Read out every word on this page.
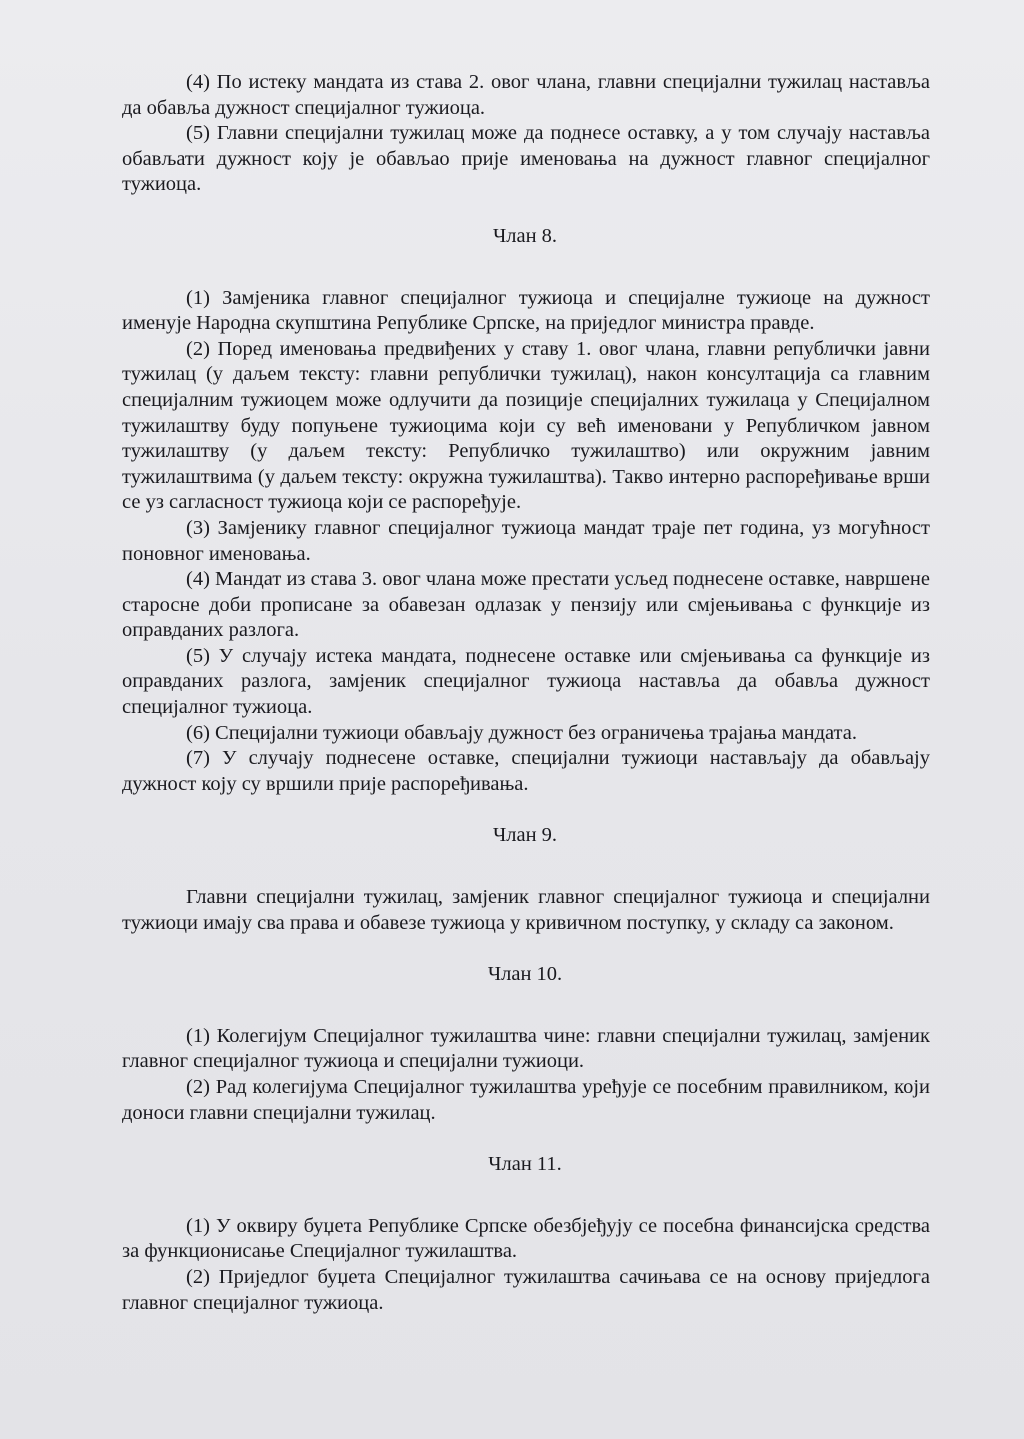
(4) По истеку мандата из става 2. овог члана, главни специјални тужилац наставља да обавља дужност специјалног тужиоца.

(5) Главни специјални тужилац може да поднесе оставку, а у том случају наставља обављати дужност коју је обављао прије именовања на дужност главног специјалног тужиоца.

Члан 8.

(1) Замјеника главног специјалног тужиоца и специјалне тужиоце на дужност именује Народна скупштина Републике Српске, на приједлог министра правде.

(2) Поред именовања предвиђених у ставу 1. овог члана, главни републички јавни тужилац (у даљем тексту: главни републички тужилац), након консултација са главним специјалним тужиоцем може одлучити да позиције специјалних тужилаца у Специјалном тужилаштву буду попуњене тужиоцима који су већ именовани у Републичком јавном тужилаштву (у даљем тексту: Републичко тужилаштво) или окружним јавним тужилаштвима (у даљем тексту: окружна тужилаштва). Такво интерно распоређивање врши се уз сагласност тужиоца који се распоређује.

(3) Замјенику главног специјалног тужиоца мандат траје пет година, уз могућност поновног именовања.

(4) Мандат из става 3. овог члана може престати усљед поднесене оставке, навршене старосне доби прописане за обавезан одлазак у пензију или смјењивања с функције из оправданих разлога.

(5) У случају истека мандата, поднесене оставке или смјењивања са функције из оправданих разлога, замјеник специјалног тужиоца наставља да обавља дужност специјалног тужиоца.

(6) Специјални тужиоци обављају дужност без ограничења трајања мандата.

(7) У случају поднесене оставке, специјални тужиоци настављају да обављају дужност коју су вршили прије распоређивања.

Члан 9.

Главни специјални тужилац, замјеник главног специјалног тужиоца и специјални тужиоци имају сва права и обавезе тужиоца у кривичном поступку, у складу са законом.

Члан 10.

(1) Колегијум Специјалног тужилаштва чине: главни специјални тужилац, замјеник главног специјалног тужиоца и специјални тужиоци.

(2) Рад колегијума Специјалног тужилаштва уређује се посебним правилником, који доноси главни специјални тужилац.

Члан 11.

(1) У оквиру буџета Републике Српске обезбјеђују се посебна финансијска средства за функционисање Специјалног тужилаштва.

(2) Приједлог буџета Специјалног тужилаштва сачињава се на основу приједлога главног специјалног тужиоца.
